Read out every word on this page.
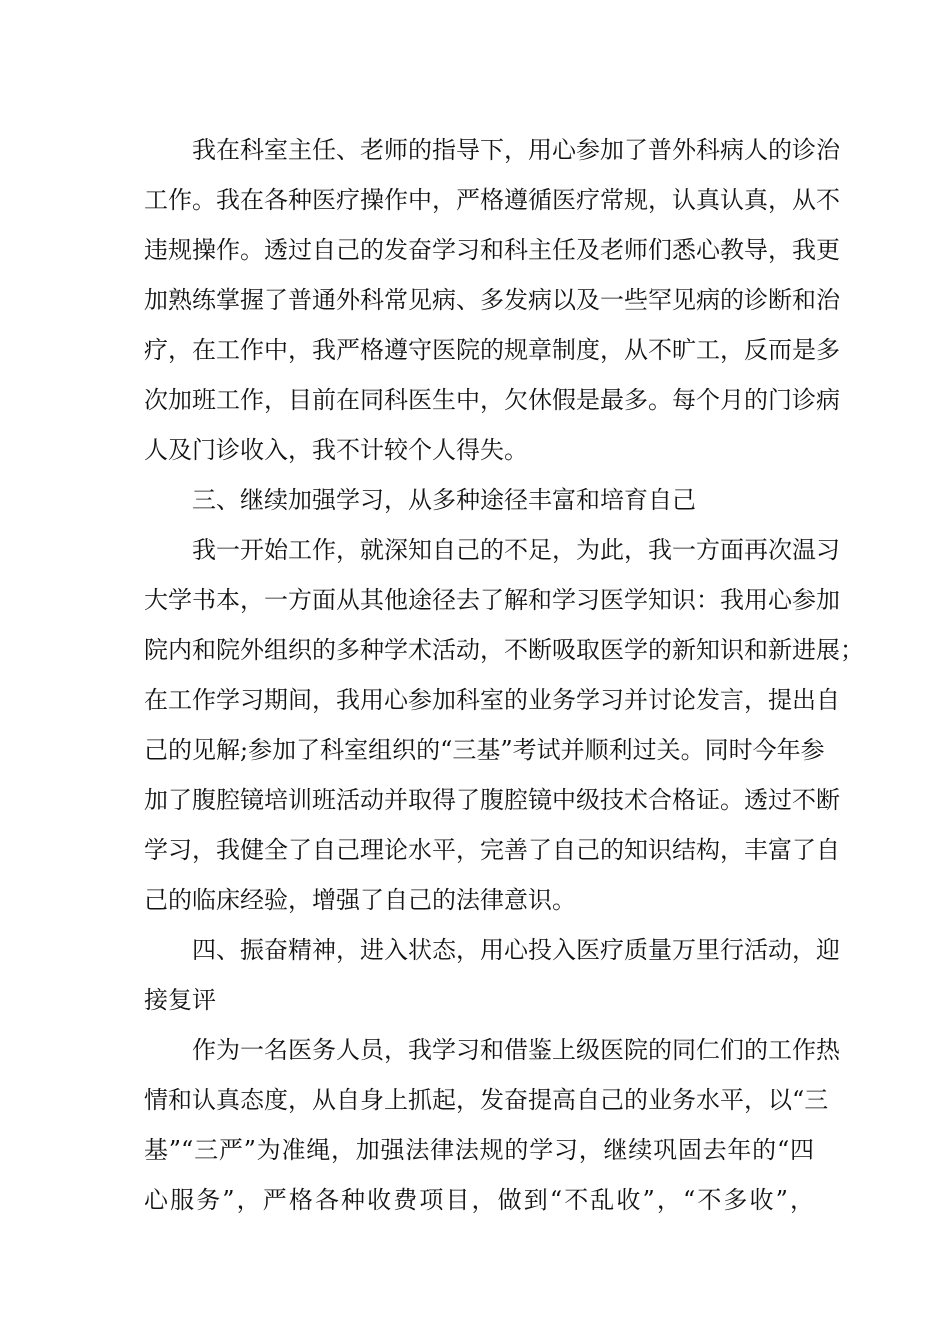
我在科室主任、老师的指导下，用心参加了普外科病人的诊治
工作。我在各种医疗操作中，严格遵循医疗常规，认真认真，从不
违规操作。透过自己的发奋学习和科主任及老师们悉心教导，我更
加熟练掌握了普通外科常见病、多发病以及一些罕见病的诊断和治
疗，在工作中，我严格遵守医院的规章制度，从不旷工，反而是多
次加班工作，目前在同科医生中，欠休假是最多。每个月的门诊病
人及门诊收入，我不计较个人得失。
三、继续加强学习，从多种途径丰富和培育自己
我一开始工作，就深知自己的不足，为此，我一方面再次温习
大学书本，一方面从其他途径去了解和学习医学知识：我用心参加
院内和院外组织的多种学术活动，不断吸取医学的新知识和新进展；
在工作学习期间，我用心参加科室的业务学习并讨论发言，提出自
己的见解;参加了科室组织的“三基”考试并顺利过关。同时今年参
加了腹腔镜培训班活动并取得了腹腔镜中级技术合格证。透过不断
学习，我健全了自己理论水平，完善了自己的知识结构，丰富了自
己的临床经验，增强了自己的法律意识。
四、振奋精神，进入状态，用心投入医疗质量万里行活动，迎
接复评
作为一名医务人员，我学习和借鉴上级医院的同仁们的工作热
情和认真态度，从自身上抓起，发奋提高自己的业务水平，以“三
基”“三严”为准绳，加强法律法规的学习，继续巩固去年的“四
心服务”，严格各种收费项目，做到“不乱收”，“不多收”，
